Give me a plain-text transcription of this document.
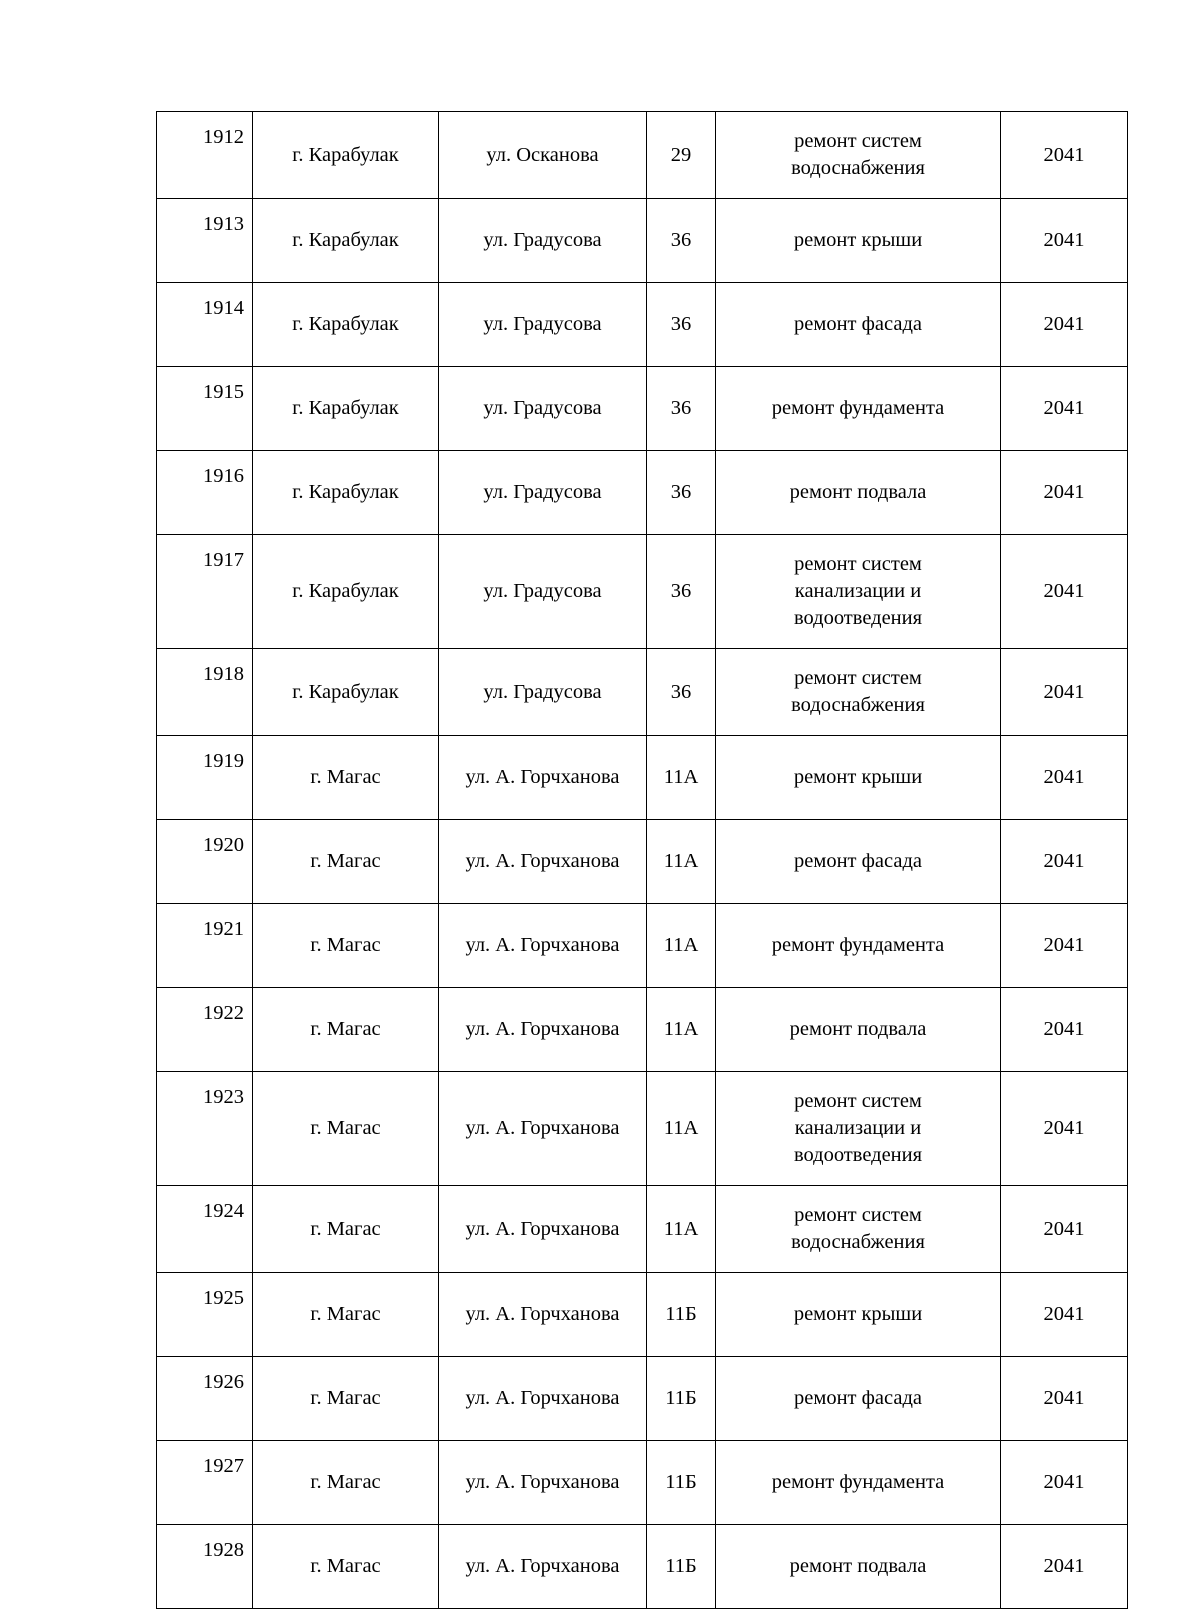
1912	г. Карабулак	ул. Осканова	29	ремонт систем
водоснабжения	2041
1913	г. Карабулак	ул. Градусова	36	ремонт крыши	2041
1914	г. Карабулак	ул. Градусова	36	ремонт фасада	2041
1915	г. Карабулак	ул. Градусова	36	ремонт фундамента	2041
1916	г. Карабулак	ул. Градусова	36	ремонт подвала	2041
1917	г. Карабулак	ул. Градусова	36	ремонт систем
канализации и
водоотведения	2041
1918	г. Карабулак	ул. Градусова	36	ремонт систем
водоснабжения	2041
1919	г. Магас	ул. А. Горчханова	11А	ремонт крыши	2041
1920	г. Магас	ул. А. Горчханова	11А	ремонт фасада	2041
1921	г. Магас	ул. А. Горчханова	11А	ремонт фундамента	2041
1922	г. Магас	ул. А. Горчханова	11А	ремонт подвала	2041
1923	г. Магас	ул. А. Горчханова	11А	ремонт систем
канализации и
водоотведения	2041
1924	г. Магас	ул. А. Горчханова	11А	ремонт систем
водоснабжения	2041
1925	г. Магас	ул. А. Горчханова	11Б	ремонт крыши	2041
1926	г. Магас	ул. А. Горчханова	11Б	ремонт фасада	2041
1927	г. Магас	ул. А. Горчханова	11Б	ремонт фундамента	2041
1928	г. Магас	ул. А. Горчханова	11Б	ремонт подвала	2041
